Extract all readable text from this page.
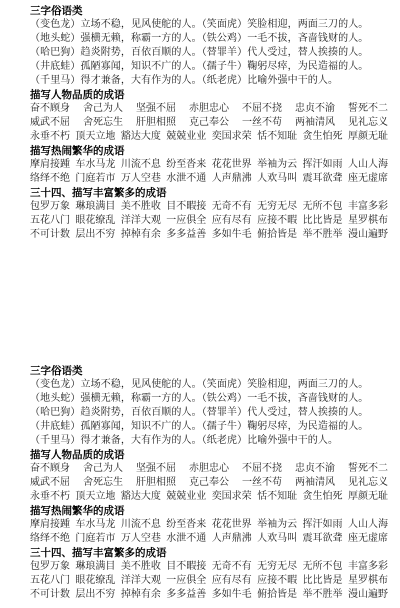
三字俗语类
（变色龙）立场不稳，见风使舵的人。（笑面虎）笑脸相迎，两面三刀的人。
（地头蛇）强横无赖，称霸一方的人。（铁公鸡）一毛不拔，吝啬钱财的人。
（哈巴狗）趋炎附势，百依百顺的人。（替罪羊）代人受过，替人挨揍的人。
（井底蛙）孤陋寡闻，知识不广的人。（孺子牛）鞠躬尽瘁，为民造福的人。
（千里马）得才兼备，大有作为的人。（纸老虎）比喻外强中干的人。
描写人物品质的成语
奋不顾身 舍己为人 坚强不屈 赤胆忠心 不屈不挠 忠贞不渝 誓死不二
威武不屈 舍死忘生 肝胆相照 克己奉公 一丝不苟 两袖清风 见礼忘义
永垂不朽 顶天立地 豁达大度 兢兢业业 奕国求荣 恬不知耻 贪生怕死 厚颜无耻
描写热闹繁华的成语
摩肩接踵 车水马龙 川流不息 纷至沓来 花花世界 举袖为云 挥汗如雨 人山人海
络绎不绝 门庭若市 万人空巷 水泄不通 人声鼎沸 人欢马叫 震耳欲聋 座无虚席
三十四、描写丰富繁多的成语
包罗万象 琳琅满目 美不胜收 目不暇接 无奇不有 无穷无尽 无所不包 丰富多彩
五花八门 眼花缭乱 洋洋大观 一应俱全 应有尽有 应接不暇 比比皆是 星罗棋布
不可计数 层出不穷 掉棹有余 多多益善 多如牛毛 俯拾皆是 举不胜举 漫山遍野
三字俗语类
（变色龙）立场不稳，见风使舵的人。（笑面虎）笑脸相迎，两面三刀的人。
（地头蛇）强横无赖，称霸一方的人。（铁公鸡）一毛不拔，吝啬钱财的人。
（哈巴狗）趋炎附势，百依百顺的人。（替罪羊）代人受过，替人挨揍的人。
（井底蛙）孤陋寡闻，知识不广的人。（孺子牛）鞠躬尽瘁，为民造福的人。
（千里马）得才兼备，大有作为的人。（纸老虎）比喻外强中干的人。
描写人物品质的成语
奋不顾身 舍己为人 坚强不屈 赤胆忠心 不屈不挠 忠贞不渝 誓死不二
威武不屈 舍死忘生 肝胆相照 克己奉公 一丝不苟 两袖清风 见礼忘义
永垂不朽 顶天立地 豁达大度 兢兢业业 奕国求荣 恬不知耻 贪生怕死 厚颜无耻
描写热闹繁华的成语
摩肩接踵 车水马龙 川流不息 纷至沓来 花花世界 举袖为云 挥汗如雨 人山人海
络绎不绝 门庭若市 万人空巷 水泄不通 人声鼎沸 人欢马叫 震耳欲聋 座无虚席
三十四、描写丰富繁多的成语
包罗万象 琳琅满目 美不胜收 目不暇接 无奇不有 无穷无尽 无所不包 丰富多彩
五花八门 眼花缭乱 洋洋大观 一应俱全 应有尽有 应接不暇 比比皆是 星罗棋布
不可计数 层出不穷 掉棹有余 多多益善 多如牛毛 俯拾皆是 举不胜举 漫山遍野
